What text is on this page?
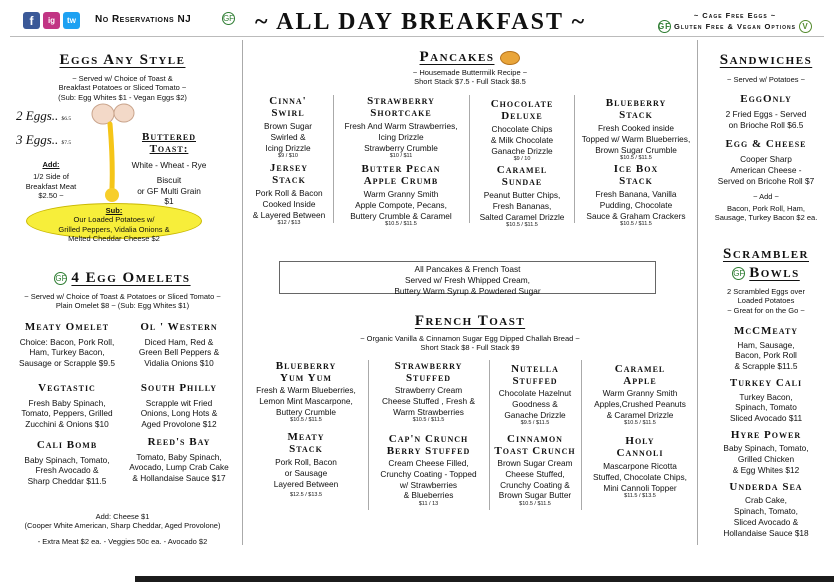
f	ig	tw	No Reservations NJ	GF ~ ALL DAY BREAKFAST ~	~ Cage Free Eggs ~
GF Gluten Free & Vegan Options V
Eggs Any Style
~ Served w/ Choice of Toast &
Breakfast Potatoes or Sliced Tomato ~
(Sub: Egg Whites $1 - Vegan Eggs $2)
2 Eggs.. $6.5
3 Eggs.. $7.5
Add:
1/2 Side of
Breakfast Meat $2.50 ~
Buttered
Toast:
White - Wheat - Rye
Biscuit
or GF Multi Grain
$1
Sub:
Our Loaded Potatoes w/
Grilled Peppers, Vidalia Onions &
Melted Cheddar Cheese $2
GF 4 Egg Omelets
~ Served w/ Choice of Toast & Potatoes or Sliced Tomato ~
Plain Omelet $8 ~ (Sub: Egg Whites $1)
Meaty Omelet
Choice: Bacon, Pork Roll,
Ham, Turkey Bacon,
Sausage or Scrapple $9.5
Ol ' Western
Diced Ham, Red &
Green Bell Peppers &
Vidalia Onions $10
Vegtastic
Fresh Baby Spinach,
Tomato, Peppers, Grilled
Zucchini & Onions $10
South Philly
Scrapple wit Fried
Onions, Long Hots &
Aged Provolone $12
Cali Bomb
Baby Spinach, Tomato,
Fresh Avocado &
Sharp Cheddar $11.5
Reed's Bay
Tomato, Baby Spinach,
Avocado, Lump Crab Cake
& Hollandaise Sauce $17
Add: Cheese $1
(Cooper White American, Sharp Cheddar, Aged Provolone)
- Extra Meat $2 ea. - Veggies 50c ea. - Avocado $2
Pancakes
~ Housemade Buttermilk Recipe ~
Short Stack $7.5 - Full Stack $8.5
Cinna'
Swirl
Brown Sugar
Swirled &
Icing Drizzle
$9 / $10
Strawberry
Shortcake
Fresh And Warm Strawberries,
Icing Drizzle
Strawberry Crumble
$10 / $11
Chocolate
Deluxe
Chocolate Chips
& Milk Chocolate
Ganache Drizzle
$9 / 10
Blueberry
Stack
Fresh Cooked inside
Topped w/ Warm Blueberries,
Brown Sugar Crumble
$10.5 / $11.5
Jersey
Stack
Pork Roll & Bacon
Cooked Inside
& Layered Between
$12 / $13
Butter Pecan
Apple Crumb
Warm Granny Smith
Apple Compote, Pecans,
Buttery Crumble & Caramel
$10.5 / $11.5
Caramel
Sundae
Peanut Butter Chips,
Fresh Bananas,
Salted Caramel Drizzle
$10.5 / $11.5
Ice Box
Stack
Fresh Banana, Vanilla
Pudding, Chocolate
Sauce & Graham Crackers
$10.5 / $11.5
All Pancakes & French Toast
Served w/ Fresh Whipped Cream,
Buttery Warm Syrup & Powdered Sugar
French Toast
~ Organic Vanilla & Cinnamon Sugar Egg Dipped Challah Bread ~
Short Stack $8 - Full Stack $9
Blueberry
Yum Yum
Fresh & Warm Blueberries,
Lemon Mint Mascarpone,
Buttery Crumble
$10.5 / $11.5
Strawberry
Stuffed
Strawberry Cream
Cheese Stuffed , Fresh &
Warm Strawberries
$10.5 / $11.5
Nutella
Stuffed
Chocolate Hazelnut
Goodness &
Ganache Drizzle
$9.5 / $11.5
Caramel
Apple
Warm Granny Smith
Apples,Crushed Peanuts
& Caramel Drizzle
$10.5 / $11.5
Meaty
Stack
Pork Roll, Bacon
or Sausage
Layered Between
$12.5 / $13.5
Cap'n Crunch
Berry Stuffed
Cream Cheese Filled,
Crunchy Coating - Topped
w/ Strawberries
& Blueberries
$11 / 13
Cinnamon
Toast Crunch
Brown Sugar Cream
Cheese Stuffed,
Crunchy Coating &
Brown Sugar Butter
$10.5 / $11.5
Holy
Cannoli
Mascarpone Ricotta
Stuffed, Chocolate Chips,
Mini Cannoli Topper
$11.5 / $13.5
Sandwiches
~ Served w/ Potatoes ~
EggOnly
2 Fried Eggs - Served
on Brioche Roll $6.5
Egg & Cheese
Cooper Sharp
American Cheese -
Served on Bricohe Roll $7
~ Add ~
Bacon, Pork Roll, Ham,
Sausage, Turkey Bacon $2 ea.
Scrambler
GF Bowls
2 Scrambled Eggs over
Loaded Potatoes
~ Great for on the Go ~
McCMeaty
Ham, Sausage,
Bacon, Pork Roll
& Scrapple $11.5
Turkey Cali
Turkey Bacon,
Spinach, Tomato
Sliced Avocado $11
Hyre Power
Baby Spinach, Tomato,
Grilled Chicken
& Egg Whites $12
Underda Sea
Crab Cake,
Spinach, Tomato,
Sliced Avocado &
Hollandaise Sauce $18
